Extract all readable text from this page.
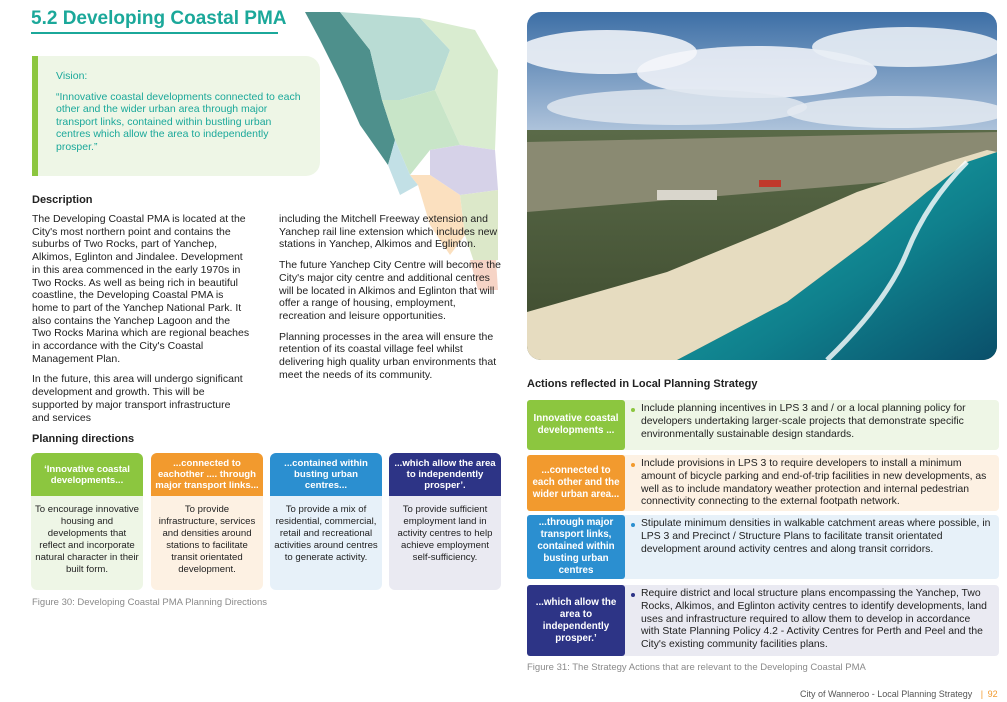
5.2 Developing Coastal PMA
Vision:
“Innovative coastal developments connected to each other and the wider urban area through major transport links, contained within bustling urban centres which allow the area to independently prosper.”
Description

The Developing Coastal PMA is located at the City's most northern point and contains the suburbs of Two Rocks, part of Yanchep, Alkimos, Eglinton and Jindalee. Development in this area commenced in the early 1970s in Two Rocks. As well as being rich in beautiful coastline, the Developing Coastal PMA is home to part of the Yanchep National Park. It also contains the Yanchep Lagoon and the Two Rocks Marina which are regional beaches in accordance with the City's Coastal Management Plan.

In the future, this area will undergo significant development and growth. This will be supported by major transport infrastructure and services

including the Mitchell Freeway extension and Yanchep rail line extension which includes new stations in Yanchep, Alkimos and Eglinton.

The future Yanchep City Centre will become the City's major city centre and additional centres will be located in Alkimos and Eglinton that will offer a range of housing, employment, recreation and leisure opportunities.

Planning processes in the area will ensure the retention of its coastal village feel whilst delivering high quality urban environments that meet the needs of its community.

Planning directions
‘Innovative coastal developments...
To encourage innovative housing and developments that reflect and incorporate natural character in their built form.
...connected to eachother .... through major transport links...
To provide infrastructure, services and densities around stations to facilitate transit orientated development.
...contained within busting urban centres...
To provide a mix of residential, commercial, retail and recreational activities around centres to generate activity.
...which allow the area to independently prosper’.
To provide sufficient employment land in activity centres to help achieve employment self-sufficiency.
Figure 30: Developing Coastal PMA Planning Directions
Actions reflected in Local Planning Strategy
Innovative coastal developments ...
Include planning incentives in LPS 3 and / or a local planning policy for developers undertaking larger-scale projects that demonstrate specific environmentally sustainable design standards.
...connected to each other and the wider urban area...
Include provisions in LPS 3 to require developers to install a minimum amount of bicycle parking and end-of-trip facilities in new developments, as well as to include mandatory weather protection and internal pedestrian connectivity connecting to the external footpath network.
...through major transport links, contained within busting urban centres
Stipulate minimum densities in walkable catchment areas where possible, in LPS 3 and Precinct / Structure Plans to facilitate transit orientated development around activity centres and along transit corridors.
...which allow the area to independently prosper.’
Require district and local structure plans encompassing the Yanchep, Two Rocks, Alkimos, and Eglinton activity centres to identify developments, land uses and infrastructure required to allow them to develop in accordance with State Planning Policy 4.2 - Activity Centres for Perth and Peel and the City's existing community facilities plans.
Figure 31: The Strategy Actions that are relevant to the Developing Coastal PMA
City of Wanneroo - Local Planning Strategy | 92
